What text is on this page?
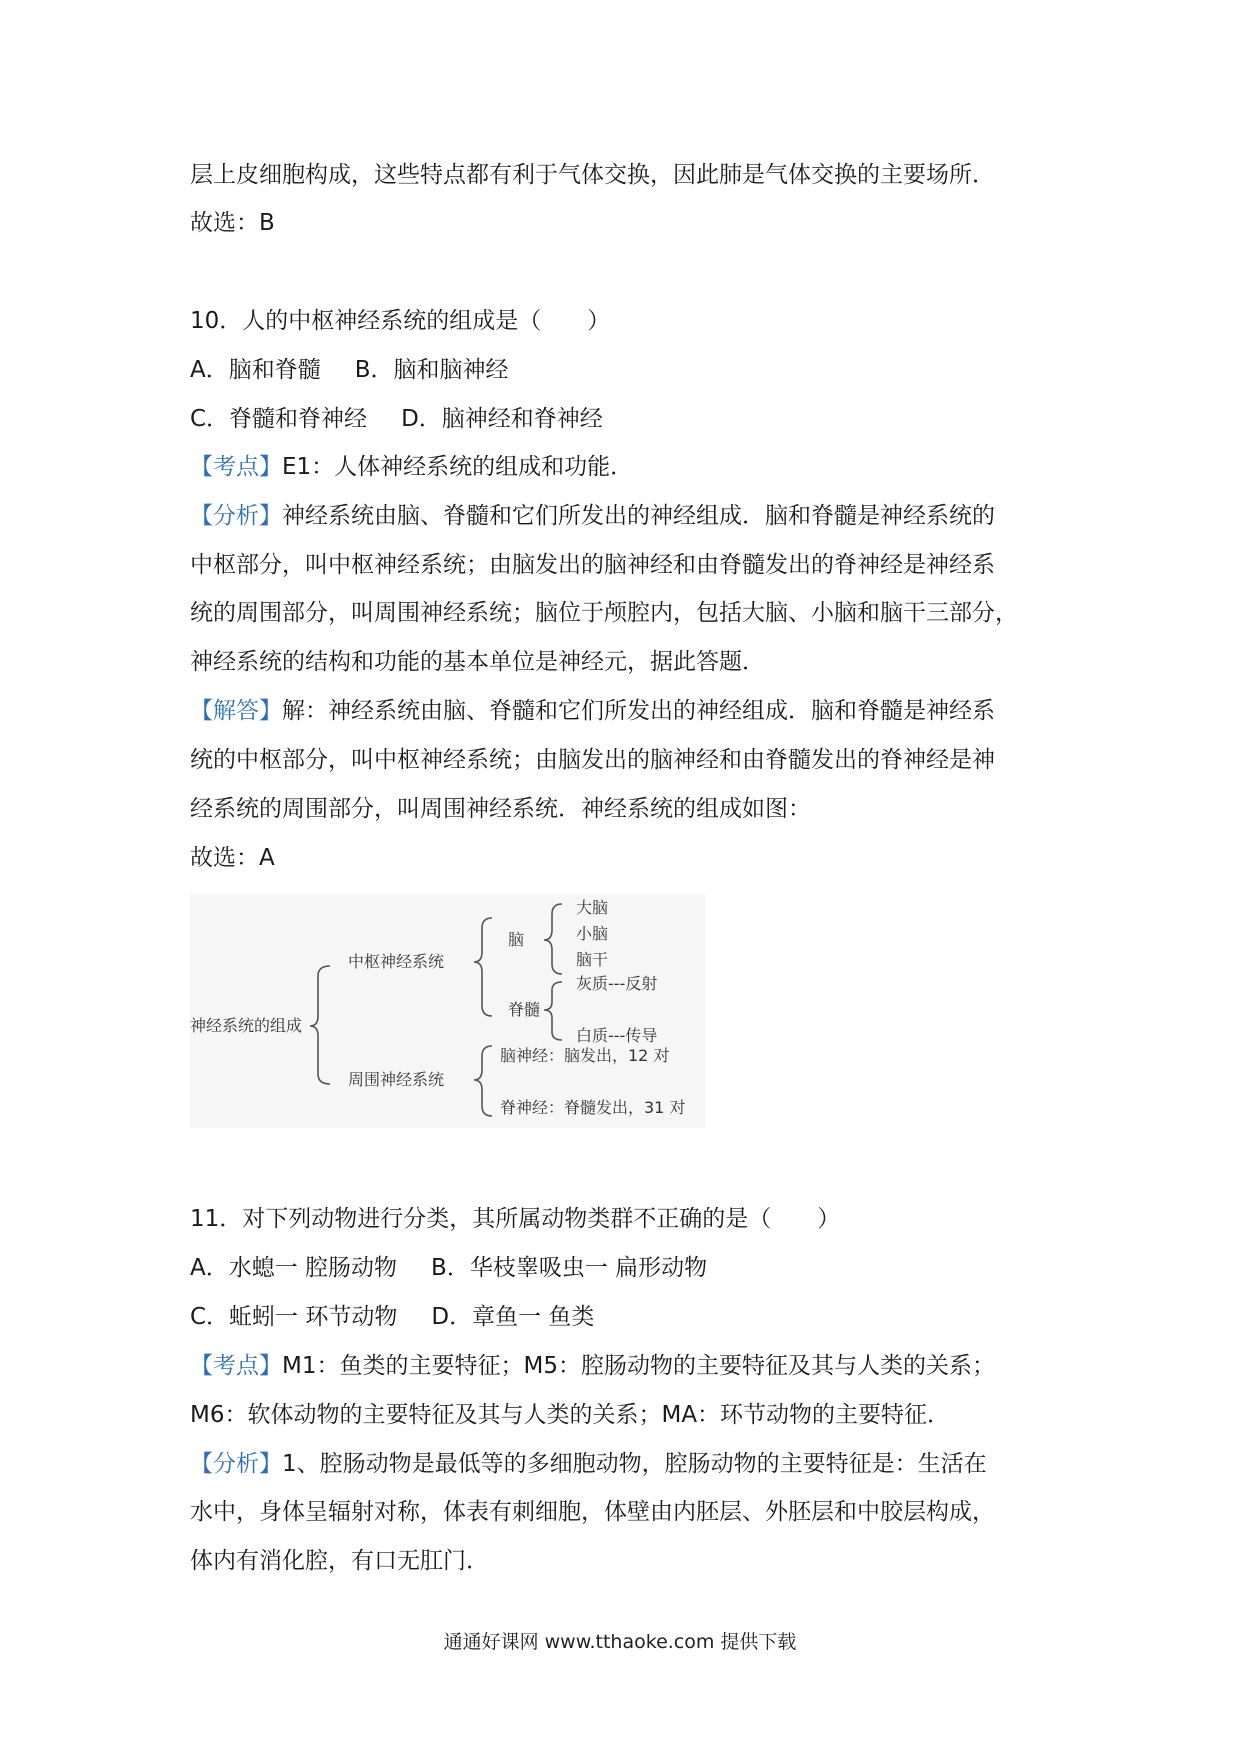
层上皮细胞构成，这些特点都有利于气体交换，因此肺是气体交换的主要场所．
故选：B
10．人的中枢神经系统的组成是（　　）
A．脑和脊髓 B．脑和脑神经
C．脊髓和脊神经 D．脑神经和脊神经
【考点】E1：人体神经系统的组成和功能．
【分析】神经系统由脑、脊髓和它们所发出的神经组成．脑和脊髓是神经系统的
中枢部分，叫中枢神经系统；由脑发出的脑神经和由脊髓发出的脊神经是神经系
统的周围部分，叫周围神经系统；脑位于颅腔内，包括大脑、小脑和脑干三部分，
神经系统的结构和功能的基本单位是神经元，据此答题．
【解答】解：神经系统由脑、脊髓和它们所发出的神经组成．脑和脊髓是神经系
统的中枢部分，叫中枢神经系统；由脑发出的脑神经和由脊髓发出的脊神经是神
经系统的周围部分，叫周围神经系统．神经系统的组成如图：
故选：A
神经系统的组成
中枢神经系统
周围神经系统
脑
大脑
小脑
脑干
脊髓
灰质---反射
白质---传导
脑神经：脑发出，12 对
脊神经：脊髓发出，31 对
11．对下列动物进行分类，其所属动物类群不正确的是（　　）
A．水螅一 腔肠动物 B．华枝睾吸虫一 扁形动物
C．蚯蚓一 环节动物 D．章鱼一 鱼类
【考点】M1：鱼类的主要特征；M5：腔肠动物的主要特征及其与人类的关系；
M6：软体动物的主要特征及其与人类的关系；MA：环节动物的主要特征．
【分析】1、腔肠动物是最低等的多细胞动物，腔肠动物的主要特征是：生活在
水中，身体呈辐射对称，体表有刺细胞，体壁由内胚层、外胚层和中胶层构成，
体内有消化腔，有口无肛门．
通通好课网 www.tthaoke.com 提供下载
